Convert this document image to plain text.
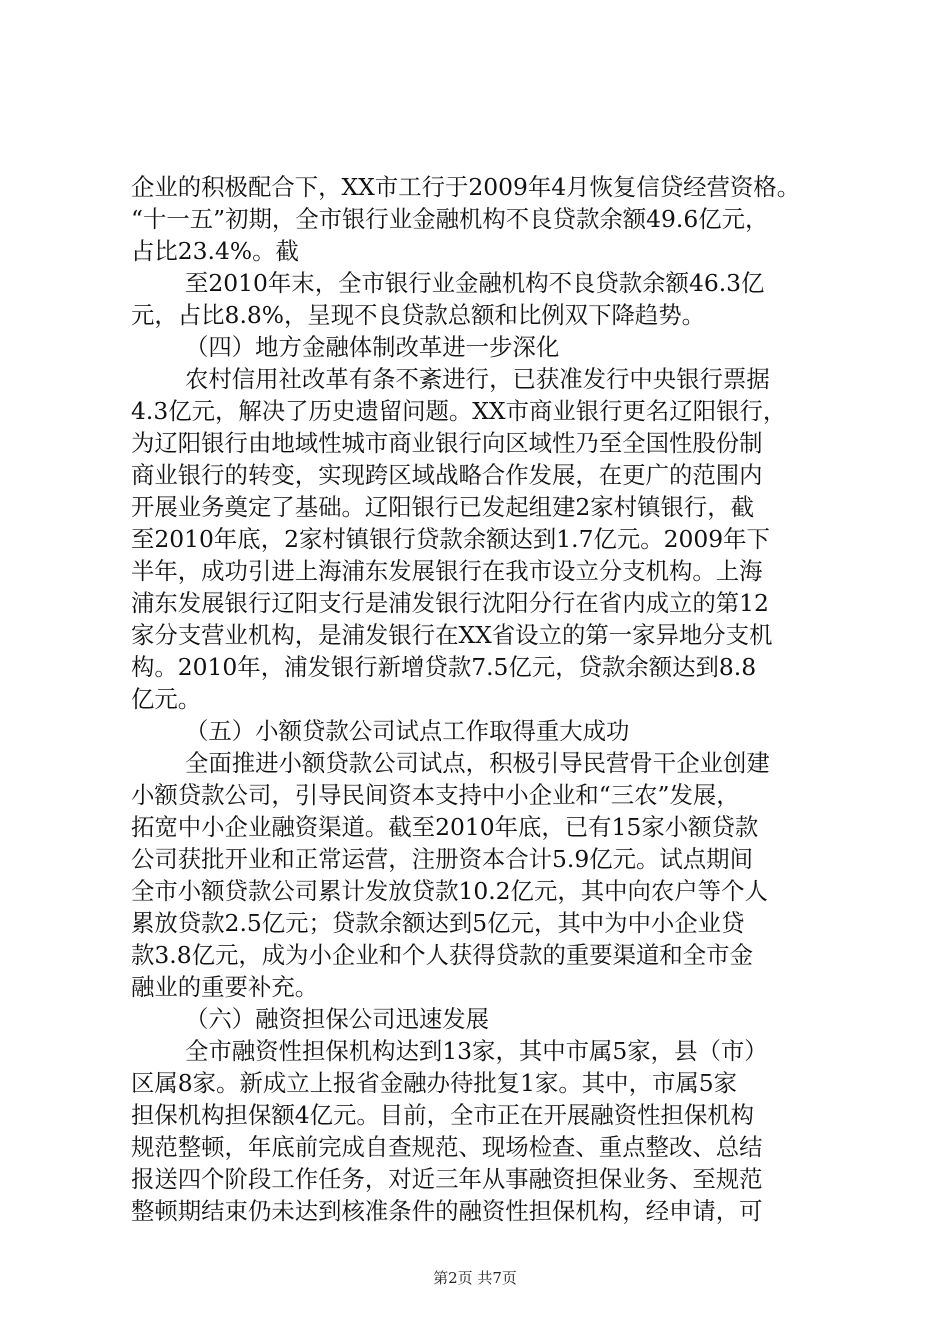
企业的积极配合下，XX市工行于2009年4月恢复信贷经营资格。
“十一五”初期，全市银行业金融机构不良贷款余额49.6亿元，
占比23.4%。截
至2010年末，全市银行业金融机构不良贷款余额46.3亿
元，占比8.8%，呈现不良贷款总额和比例双下降趋势。
（四）地方金融体制改革进一步深化
农村信用社改革有条不紊进行，已获准发行中央银行票据
4.3亿元，解决了历史遗留问题。XX市商业银行更名辽阳银行，
为辽阳银行由地域性城市商业银行向区域性乃至全国性股份制
商业银行的转变，实现跨区域战略合作发展，在更广的范围内
开展业务奠定了基础。辽阳银行已发起组建2家村镇银行，截
至2010年底，2家村镇银行贷款余额达到1.7亿元。2009年下
半年，成功引进上海浦东发展银行在我市设立分支机构。上海
浦东发展银行辽阳支行是浦发银行沈阳分行在省内成立的第12
家分支营业机构，是浦发银行在XX省设立的第一家异地分支机
构。2010年，浦发银行新增贷款7.5亿元，贷款余额达到8.8
亿元。
（五）小额贷款公司试点工作取得重大成功
全面推进小额贷款公司试点，积极引导民营骨干企业创建
小额贷款公司，引导民间资本支持中小企业和“三农”发展，
拓宽中小企业融资渠道。截至2010年底，已有15家小额贷款
公司获批开业和正常运营，注册资本合计5.9亿元。试点期间
全市小额贷款公司累计发放贷款10.2亿元，其中向农户等个人
累放贷款2.5亿元；贷款余额达到5亿元，其中为中小企业贷
款3.8亿元，成为小企业和个人获得贷款的重要渠道和全市金
融业的重要补充。
（六）融资担保公司迅速发展
全市融资性担保机构达到13家，其中市属5家，县（市）
区属8家。新成立上报省金融办待批复1家。其中，市属5家
担保机构担保额4亿元。目前，全市正在开展融资性担保机构
规范整顿，年底前完成自查规范、现场检查、重点整改、总结
报送四个阶段工作任务，对近三年从事融资担保业务、至规范
整顿期结束仍未达到核准条件的融资性担保机构，经申请，可
第2页 共7页
